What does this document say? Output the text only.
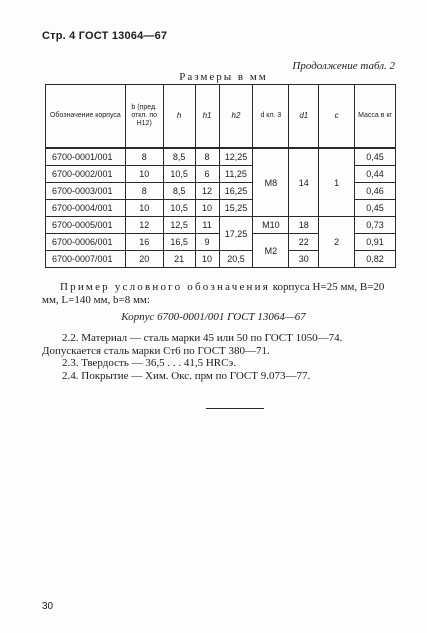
Стр. 4 ГОСТ 13064—67
Продолжение табл. 2
Размеры в мм
Обозначение корпуса	b (пред. откл. по H12)	h	h1	h2	d кл. 3	d1	c	Масса в кг
6700-0001/001	8	8,5	8	12,25	M8	14	1	0,45
6700-0002/001	10	10,5	6	11,25				0,44
6700-0003/001	8	8,5	12	16,25				0,46
6700-0004/001	10	10,5	10	15,25				0,45
6700-0005/001	12	12,5	11	17,25	M10	18	2	0,73
6700-0006/001	16	16,5	9		M2	22		0,91
6700-0007/001	20	21	10	20,5		30		0,82
Пример условного обозначения корпуса H=25 мм, B=20 мм, L=140 мм, b=8 мм:
Корпус 6700-0001/001 ГОСТ 13064—67
2.2. Материал — сталь марки 45 или 50 по ГОСТ 1050—74.
Допускается сталь марки Ст6 по ГОСТ 380—71.
2.3. Твердость — 36,5 . . . 41,5 HRCэ.
2.4. Покрытие — Хим. Окс. прм по ГОСТ 9.073—77.
30
